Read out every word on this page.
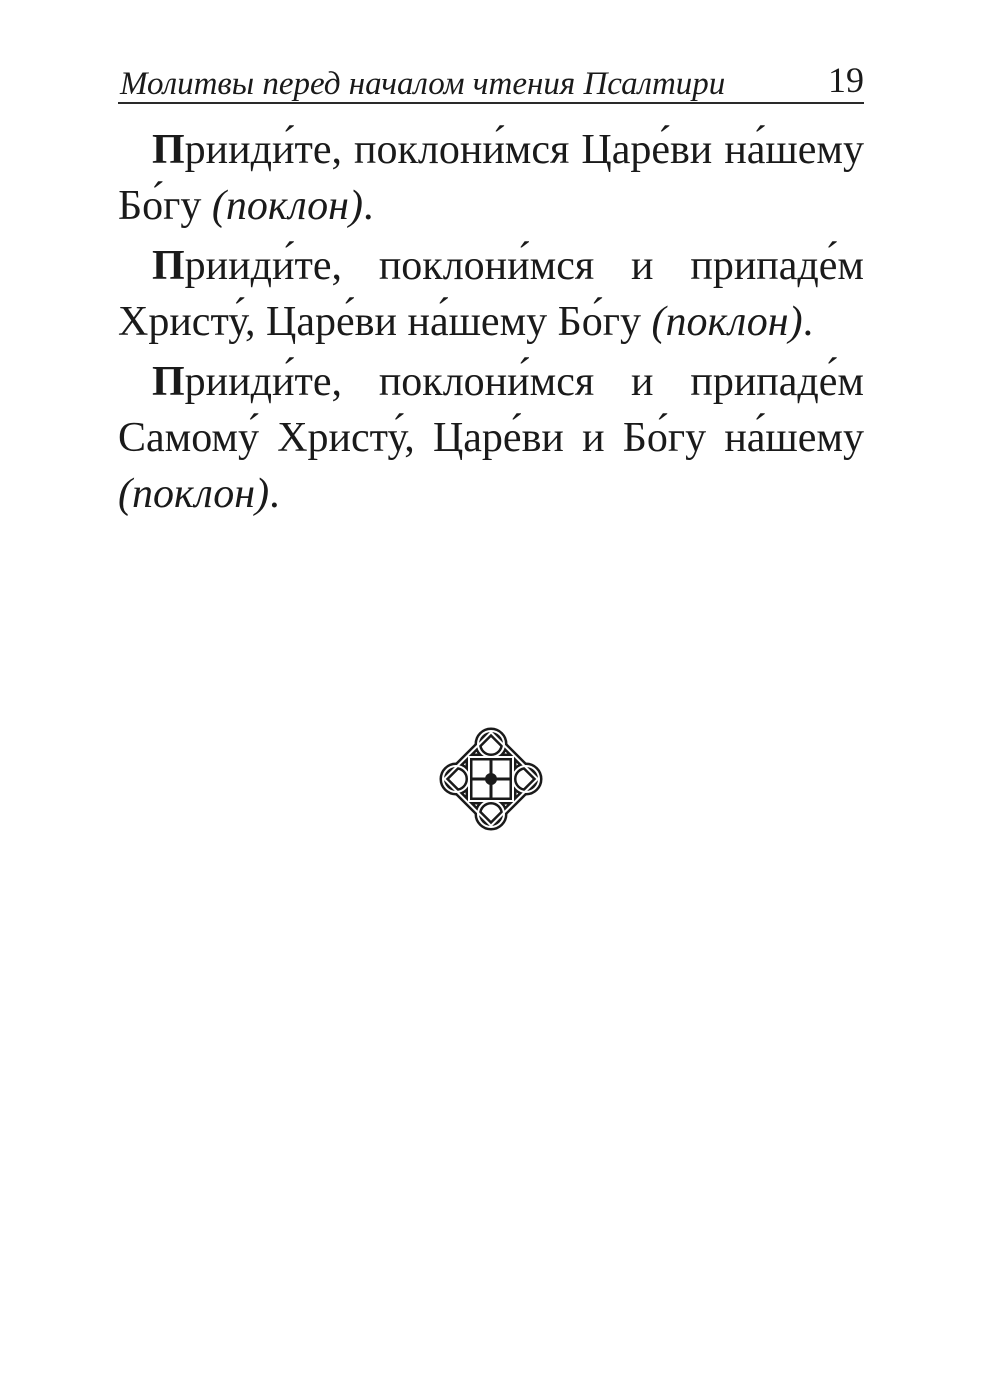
Молитвы перед началом чтения Псалтири	19

Прииди́те, поклони́мся Царе́ви на́шему Бо́гу (поклон).

Прииди́те, поклони́мся и припаде́м Христу́, Царе́ви на́шему Бо́гу (поклон).

Прииди́те, поклони́мся и припаде́м Самому́ Христу́, Царе́ви и Бо́гу на́шему (поклон).
